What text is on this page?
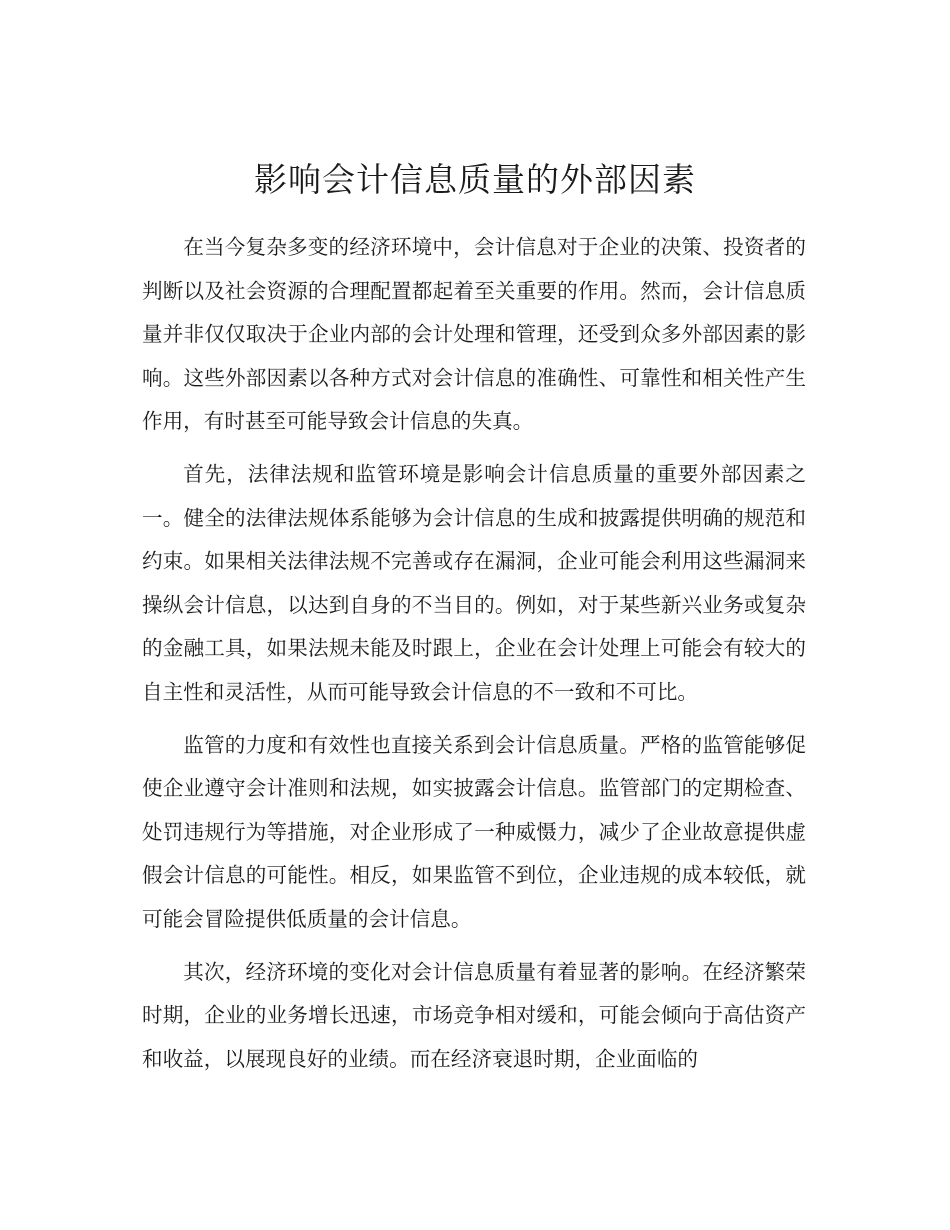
影响会计信息质量的外部因素

在当今复杂多变的经济环境中，会计信息对于企业的决策、投资者的判断以及社会资源的合理配置都起着至关重要的作用。然而，会计信息质量并非仅仅取决于企业内部的会计处理和管理，还受到众多外部因素的影响。这些外部因素以各种方式对会计信息的准确性、可靠性和相关性产生作用，有时甚至可能导致会计信息的失真。

首先，法律法规和监管环境是影响会计信息质量的重要外部因素之一。健全的法律法规体系能够为会计信息的生成和披露提供明确的规范和约束。如果相关法律法规不完善或存在漏洞，企业可能会利用这些漏洞来操纵会计信息，以达到自身的不当目的。例如，对于某些新兴业务或复杂的金融工具，如果法规未能及时跟上，企业在会计处理上可能会有较大的自主性和灵活性，从而可能导致会计信息的不一致和不可比。

监管的力度和有效性也直接关系到会计信息质量。严格的监管能够促使企业遵守会计准则和法规，如实披露会计信息。监管部门的定期检查、处罚违规行为等措施，对企业形成了一种威慑力，减少了企业故意提供虚假会计信息的可能性。相反，如果监管不到位，企业违规的成本较低，就可能会冒险提供低质量的会计信息。

其次，经济环境的变化对会计信息质量有着显著的影响。在经济繁荣时期，企业的业务增长迅速，市场竞争相对缓和，可能会倾向于高估资产和收益，以展现良好的业绩。而在经济衰退时期，企业面临的
